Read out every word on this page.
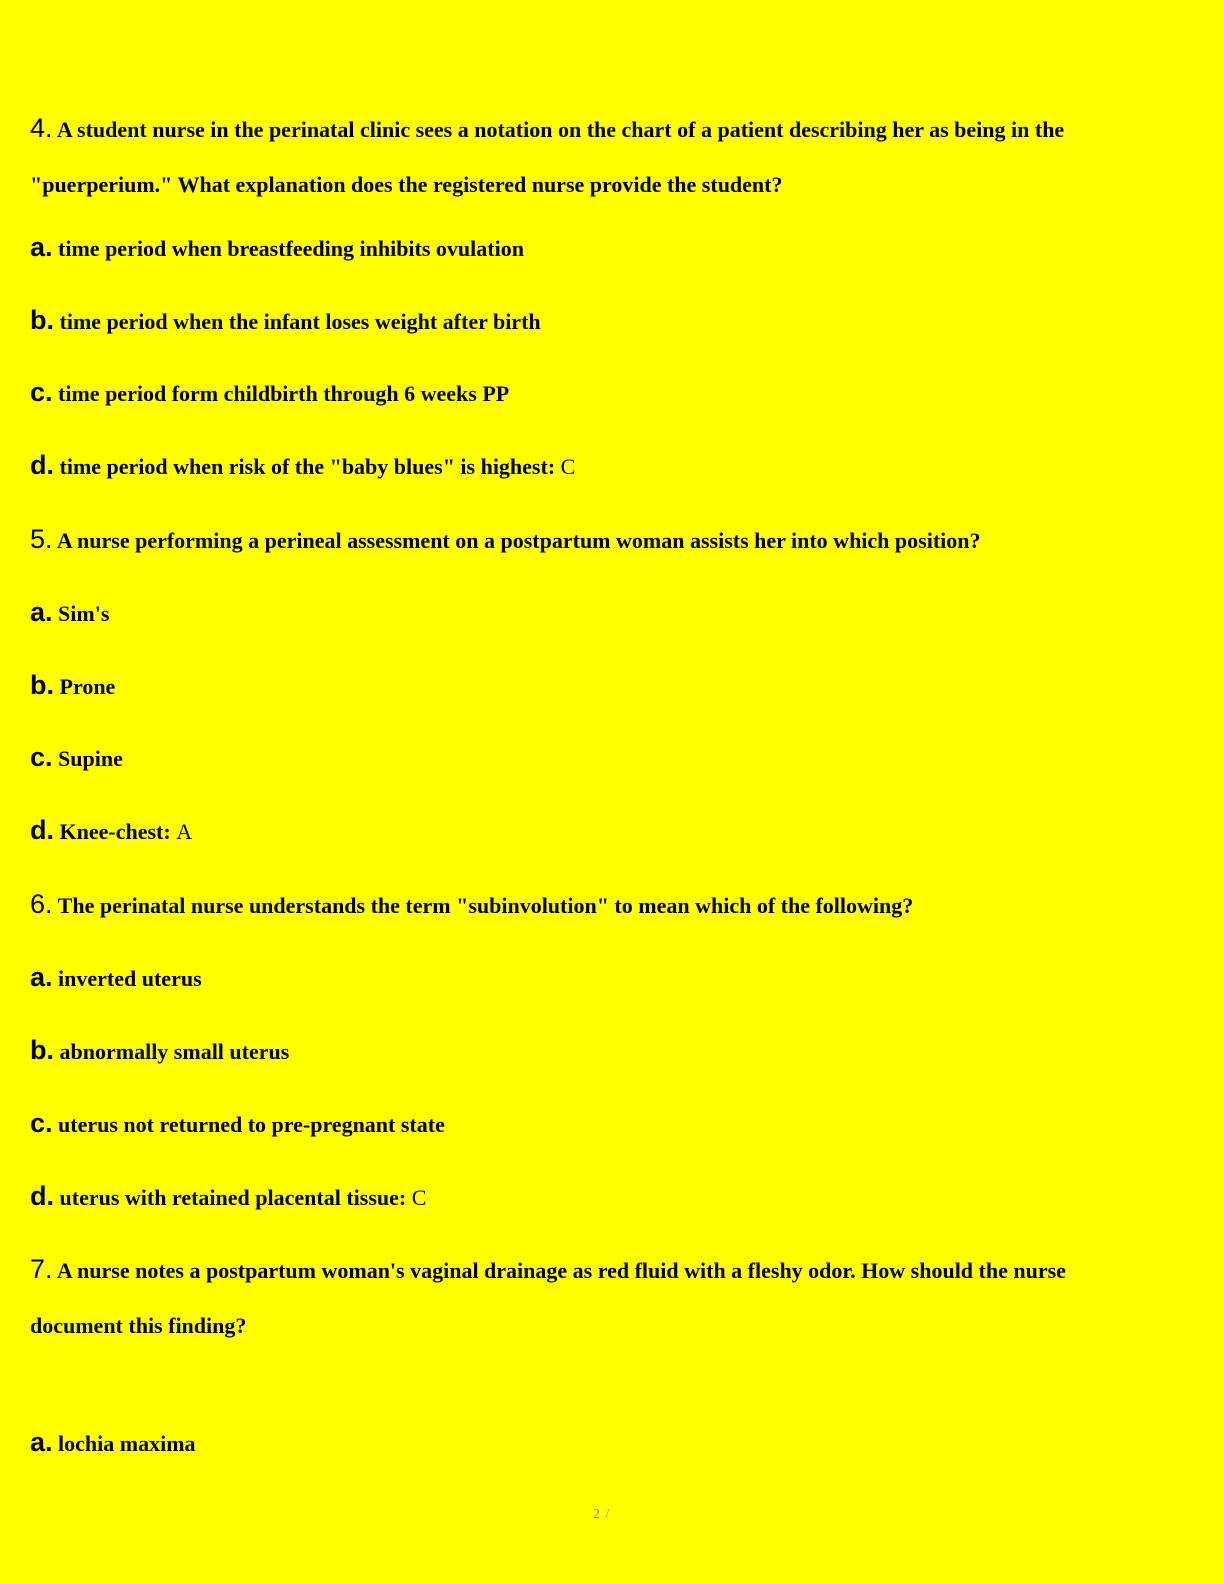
4. A student nurse in the perinatal clinic sees a notation on the chart of a patient describing her as being in the
"puerperium." What explanation does the registered nurse provide the student?
a. time period when breastfeeding inhibits ovulation
b. time period when the infant loses weight after birth
c. time period form childbirth through 6 weeks PP
d. time period when risk of the "baby blues" is highest: C
5. A nurse performing a perineal assessment on a postpartum woman assists her into which position?
a. Sim's
b. Prone
c. Supine
d. Knee-chest: A
6. The perinatal nurse understands the term "subinvolution" to mean which of the following?
a. inverted uterus
b. abnormally small uterus
c. uterus not returned to pre-pregnant state
d. uterus with retained placental tissue: C
7. A nurse notes a postpartum woman's vaginal drainage as red fluid with a fleshy odor. How should the nurse
document this finding?
a. lochia maxima
2 /
